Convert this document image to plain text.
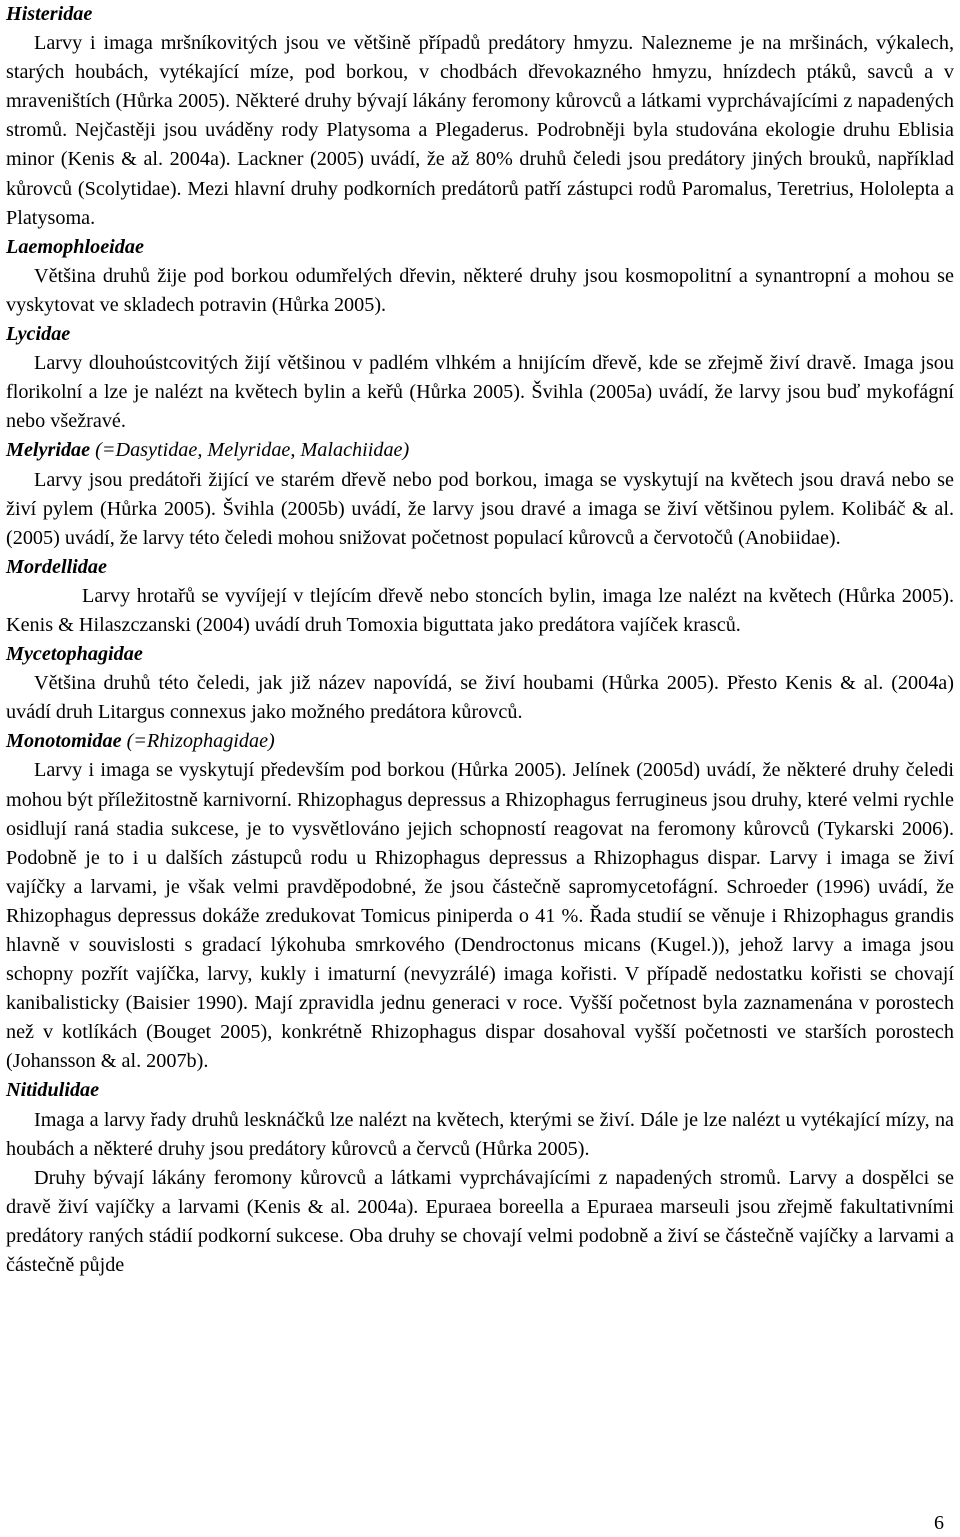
Histeridae

Larvy i imaga mršníkovitých jsou ve většině případů predátory hmyzu. Nalezneme je na mršinách, výkalech, starých houbách, vytékající míze, pod borkou, v chodbách dřevokazného hmyzu, hnízdech ptáků, savců a v mraveništích (Hůrka 2005). Některé druhy bývají lákány feromony kůrovců a látkami vyprchávajícími z napadených stromů. Nejčastěji jsou uváděny rody Platysoma a Plegaderus. Podrobněji byla studována ekologie druhu Eblisia minor (Kenis & al. 2004a). Lackner (2005) uvádí, že až 80% druhů čeledi jsou predátory jiných brouků, například kůrovců (Scolytidae). Mezi hlavní druhy podkorních predátorů patří zástupci rodů Paromalus, Teretrius, Hololepta a Platysoma.

Laemophloeidae

Většina druhů žije pod borkou odumřelých dřevin, některé druhy jsou kosmopolitní a synantropní a mohou se vyskytovat ve skladech potravin (Hůrka 2005).

Lycidae

Larvy dlouhoústcovitých žijí většinou v padlém vlhkém a hnijícím dřevě, kde se zřejmě živí dravě. Imaga jsou florikolní a lze je nalézt na květech bylin a keřů (Hůrka 2005). Švihla (2005a) uvádí, že larvy jsou buď mykofágní nebo všežravé.

Melyridae (=Dasytidae, Melyridae, Malachiidae)

Larvy jsou predátoři žijící ve starém dřevě nebo pod borkou, imaga se vyskytují na květech jsou dravá nebo se živí pylem (Hůrka 2005). Švihla (2005b) uvádí, že larvy jsou dravé a imaga se živí většinou pylem. Kolibáč & al. (2005) uvádí, že larvy této čeledi mohou snižovat početnost populací kůrovců a červotočů (Anobiidae).

Mordellidae

Larvy hrotařů se vyvíjejí v tlejícím dřevě nebo stoncích bylin, imaga lze nalézt na květech (Hůrka 2005). Kenis & Hilaszczanski (2004) uvádí druh Tomoxia biguttata jako predátora vajíček krasců.

Mycetophagidae

Většina druhů této čeledi, jak již název napovídá, se živí houbami (Hůrka 2005). Přesto Kenis & al. (2004a) uvádí druh Litargus connexus jako možného predátora kůrovců.

Monotomidae (=Rhizophagidae)

Larvy i imaga se vyskytují především pod borkou (Hůrka 2005). Jelínek (2005d) uvádí, že některé druhy čeledi mohou být příležitostně karnivorní. Rhizophagus depressus a Rhizophagus ferrugineus jsou druhy, které velmi rychle osidlují raná stadia sukcese, je to vysvětlováno jejich schopností reagovat na feromony kůrovců (Tykarski 2006). Podobně je to i u dalších zástupců rodu u Rhizophagus depressus a Rhizophagus dispar. Larvy i imaga se živí vajíčky a larvami, je však velmi pravděpodobné, že jsou částečně sapromycetofágní. Schroeder (1996) uvádí, že Rhizophagus depressus dokáže zredukovat Tomicus piniperda o 41 %. Řada studií se věnuje i Rhizophagus grandis hlavně v souvislosti s gradací lýkohuba smrkového (Dendroctonus micans (Kugel.)), jehož larvy a imaga jsou schopny pozřít vajíčka, larvy, kukly i imaturní (nevyzrálé) imaga kořisti. V případě nedostatku kořisti se chovají kanibalisticky (Baisier 1990). Mají zpravidla jednu generaci v roce. Vyšší početnost byla zaznamenána v porostech než v kotlíkách (Bouget 2005), konkrétně Rhizophagus dispar dosahoval vyšší početnosti ve starších porostech (Johansson & al. 2007b).

Nitidulidae

Imaga a larvy řady druhů lesknáčků lze nalézt na květech, kterými se živí. Dále je lze nalézt u vytékající mízy, na houbách a některé druhy jsou predátory kůrovců a červců (Hůrka 2005).

Druhy bývají lákány feromony kůrovců a látkami vyprchávajícími z napadených stromů. Larvy a dospělci se dravě živí vajíčky a larvami (Kenis & al. 2004a). Epuraea boreella a Epuraea marseuli jsou zřejmě fakultativními predátory raných stádií podkorní sukcese. Oba druhy se chovají velmi podobně a živí se částečně vajíčky a larvami a částečně půjde

6
